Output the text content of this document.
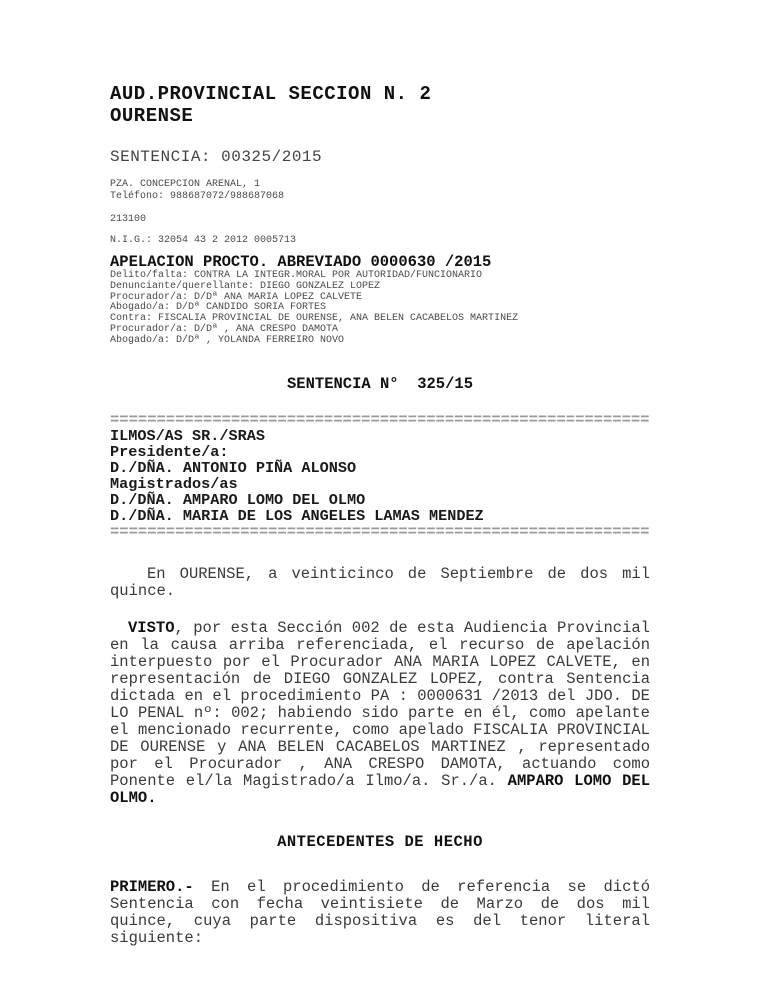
AUD.PROVINCIAL SECCION N. 2
OURENSE
SENTENCIA: 00325/2015
PZA. CONCEPCION ARENAL, 1
Teléfono: 988687072/988687068
213100
N.I.G.: 32054 43 2 2012 0005713
APELACION PROCTO. ABREVIADO 0000630 /2015
Delito/falta: CONTRA LA INTEGR.MORAL POR AUTORIDAD/FUNCIONARIO
Denunciante/querellante: DIEGO GONZALEZ LOPEZ
Procurador/a: D/Dª ANA MARIA LOPEZ CALVETE
Abogado/a: D/Dª CANDIDO SORIA FORTES
Contra: FISCALIA PROVINCIAL DE OURENSE, ANA BELEN CACABELOS MARTINEZ
Procurador/a: D/Dª , ANA CRESPO DAMOTA
Abogado/a: D/Dª , YOLANDA FERREIRO NOVO
SENTENCIA N°  325/15
==========================================================
ILMOS/AS SR./SRAS
Presidente/a:
D./DÑA. ANTONIO PIÑA ALONSO
Magistrados/as
D./DÑA. AMPARO LOMO DEL OLMO
D./DÑA. MARIA DE LOS ANGELES LAMAS MENDEZ
==========================================================

En OURENSE, a veinticinco de Septiembre de dos mil quince.

VISTO, por esta Sección 002 de esta Audiencia Provincial en la causa arriba referenciada, el recurso de apelación interpuesto por el Procurador ANA MARIA LOPEZ CALVETE, en representación de DIEGO GONZALEZ LOPEZ, contra Sentencia dictada en el procedimiento PA : 0000631 /2013 del JDO. DE LO PENAL nº: 002; habiendo sido parte en él, como apelante el mencionado recurrente, como apelado FISCALIA PROVINCIAL DE OURENSE y ANA BELEN CACABELOS MARTINEZ , representado por el Procurador , ANA CRESPO DAMOTA, actuando como Ponente el/la Magistrado/a Ilmo/a. Sr./a. AMPARO LOMO DEL OLMO.

ANTECEDENTES DE HECHO

PRIMERO.- En el procedimiento de referencia se dictó Sentencia con fecha veintisiete de Marzo de dos mil quince, cuya parte dispositiva es del tenor literal siguiente:
